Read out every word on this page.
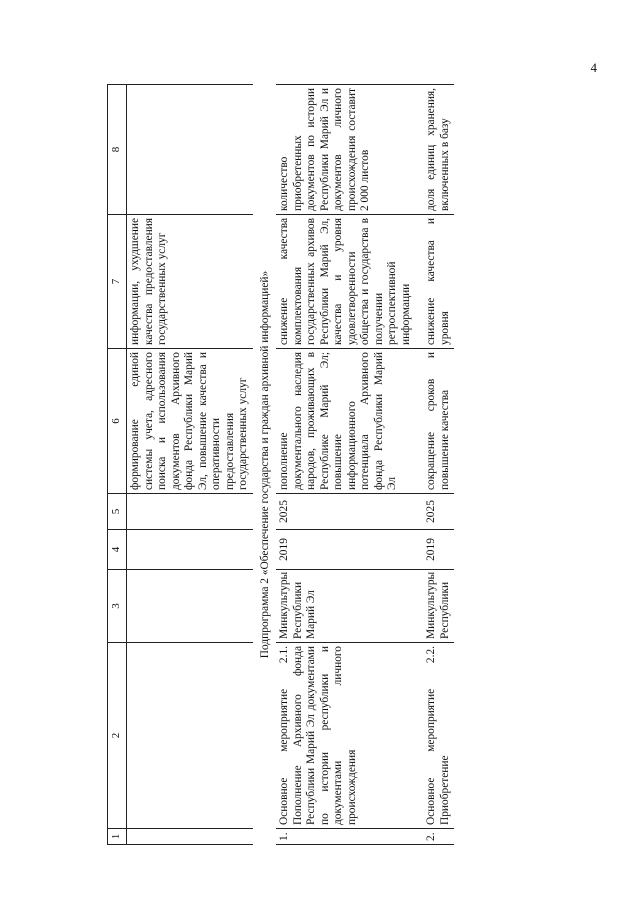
4
1	2	3	4	5	6	7	8
					формирование единой системы учета, адресного поиска и использования документов Архивного фонда Республики Марий Эл, повышение качества и оперативности предоставления государственных услуг	информации, ухудшение качества предоставления государственных услуг	
Подпрограмма 2 «Обеспечение государства и граждан архивной информацией»							
1.	Основное мероприятие 2.1. Пополнение Архивного фонда Республики Марий Эл документами по истории республики и документами личного происхождения	Минкультуры Республики Марий Эл	2019	2025	пополнение документального наследия народов, проживающих в Республике Марий Эл; повышение информационного потенциала Архивного фонда Республики Марий Эл	снижение качества комплектования государственных архивов Республики Марий Эл, качества и уровня удовлетворенности общества и государства в получении ретроспективной информации	количество приобретенных документов по истории Республики Марий Эл и документов личного происхождения составит 2 000 листов
2.	Основное мероприятие 2.2. Приобретение	Минкультуры Республики	2019	2025	сокращение сроков и повышение качества	снижение качества и уровня	доля единиц хранения, включенных в базу
